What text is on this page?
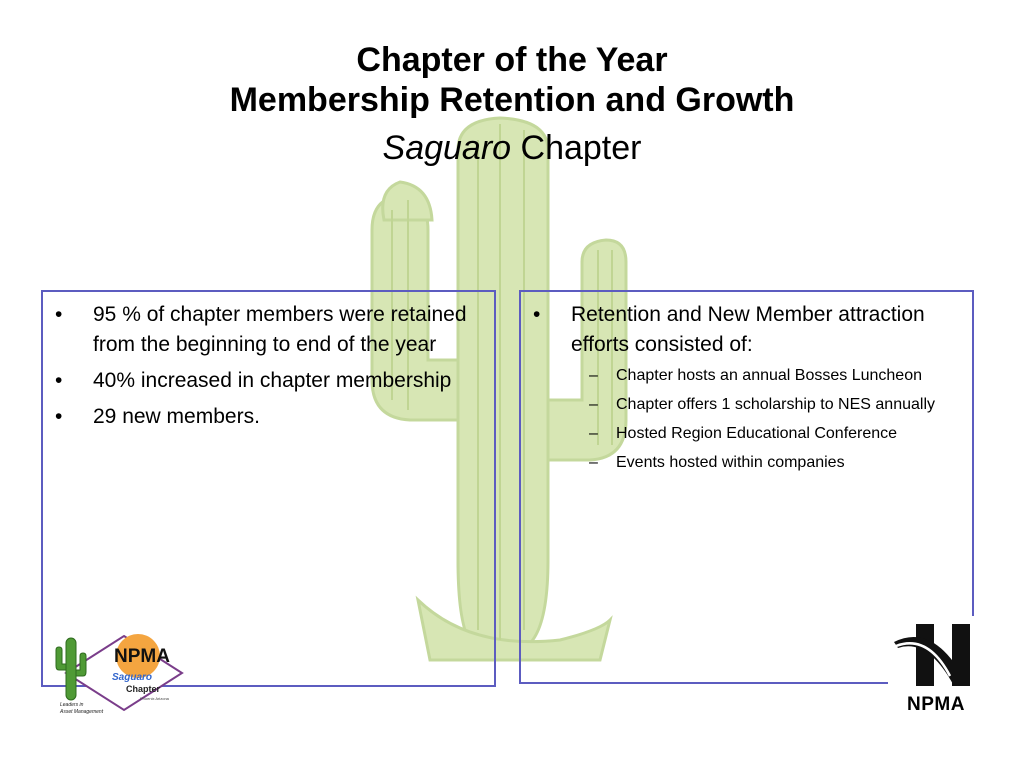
Chapter of the Year
Membership Retention and Growth
Saguaro Chapter
•	95 % of chapter members were retained from the beginning to end of the year
•	40% increased in chapter membership
•	29 new members.
•	Retention and New Member attraction efforts consisted of:
– Chapter hosts an annual Bosses Luncheon
– Chapter offers 1 scholarship to NES annually
– Hosted Region Educational Conference
– Events hosted within companies
NPMA
Saguaro
Chapter
Phoenix Arizona
Leaders in
Asset Management	NPMA
